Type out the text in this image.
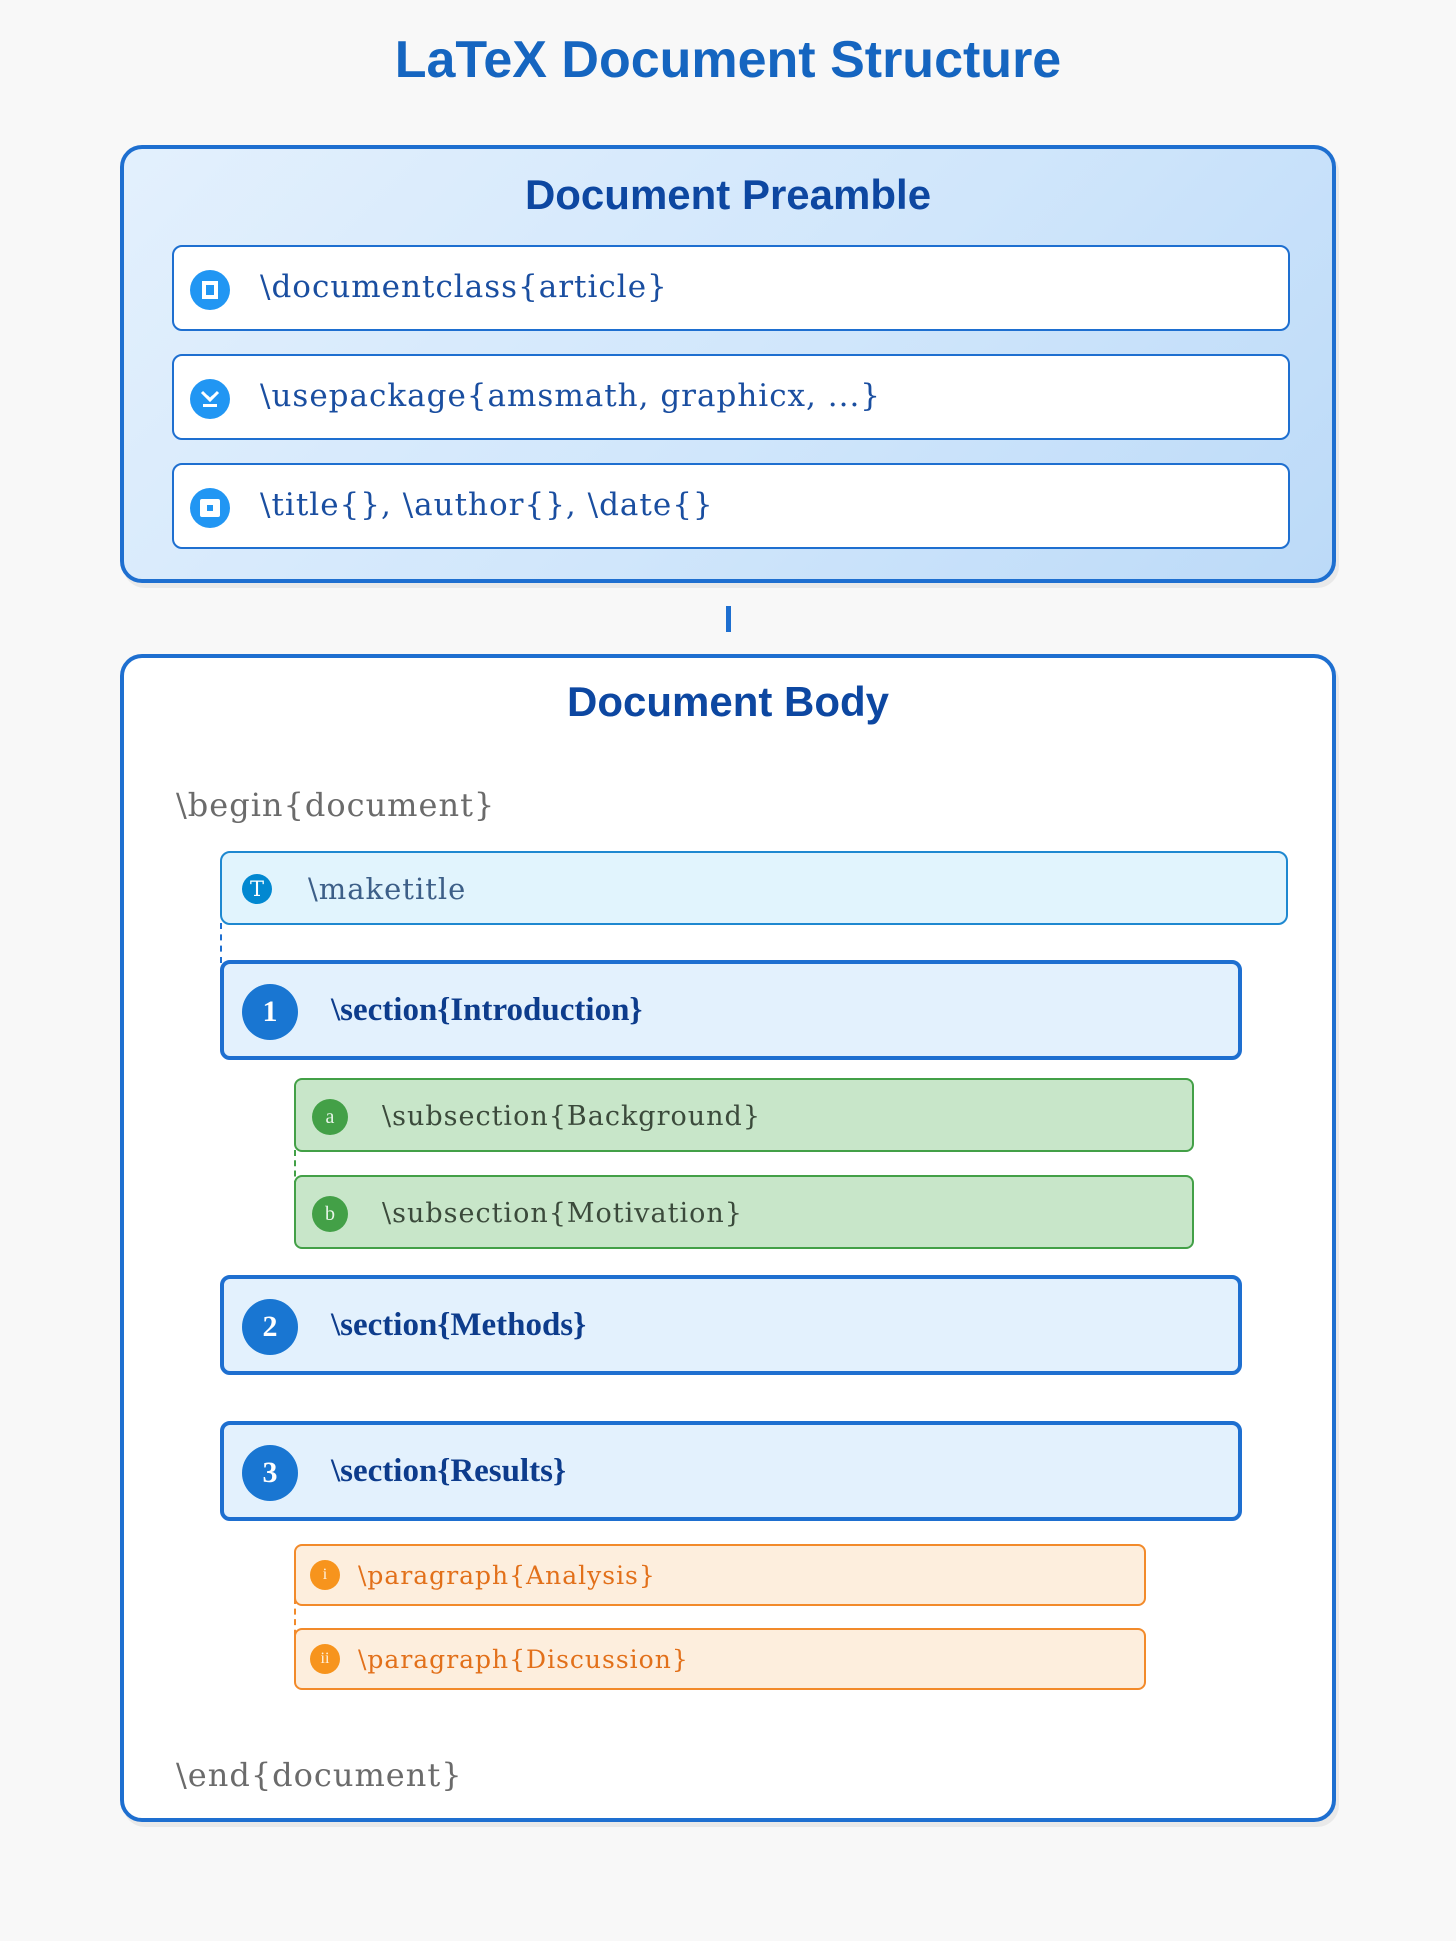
LaTeX Document Structure
Document Preamble
\documentclass{article}
\usepackage{amsmath, graphicx, ...}
\title{}, \author{}, \date{}
Document Body
\begin{document}
T \maketitle
1	\section{Introduction}
a	\subsection{Background}
b	\subsection{Motivation}
2	\section{Methods}
3	\section{Results}
i	\paragraph{Analysis}
ii	\paragraph{Discussion}
\end{document}
